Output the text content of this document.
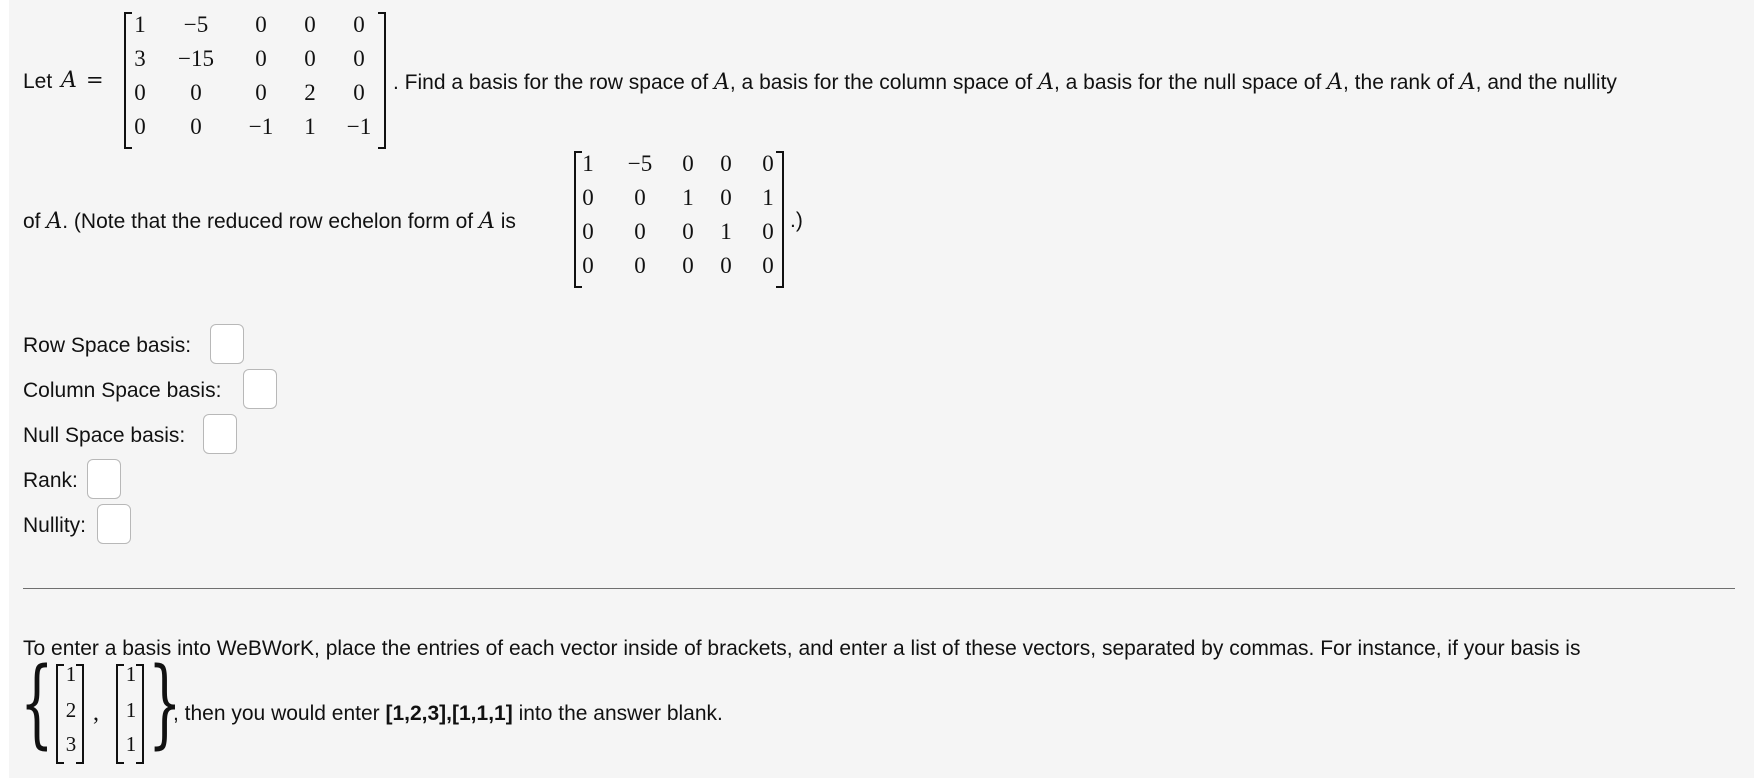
Let A =
1	−5	0	0	0
3	−15	0	0	0
0	0	0	2	0
0	0	−1	1	−1
. Find a basis for the row space of A, a basis for the column space of A, a basis for the null space of A, the rank of A, and the nullity
of A. (Note that the reduced row echelon form of A is
1	−5	0	0	0
0	0	1	0	1
0	0	0	1	0
0	0	0	0	0
.)
Row Space basis:
Column Space basis:
Null Space basis:
Rank:
Nullity:
To enter a basis into WeBWorK, place the entries of each vector inside of brackets, and enter a list of these vectors, separated by commas. For instance, if your basis is
{ 1
2
3
,
1
1
1 }
, then you would enter [1,2,3],[1,1,1] into the answer blank.
